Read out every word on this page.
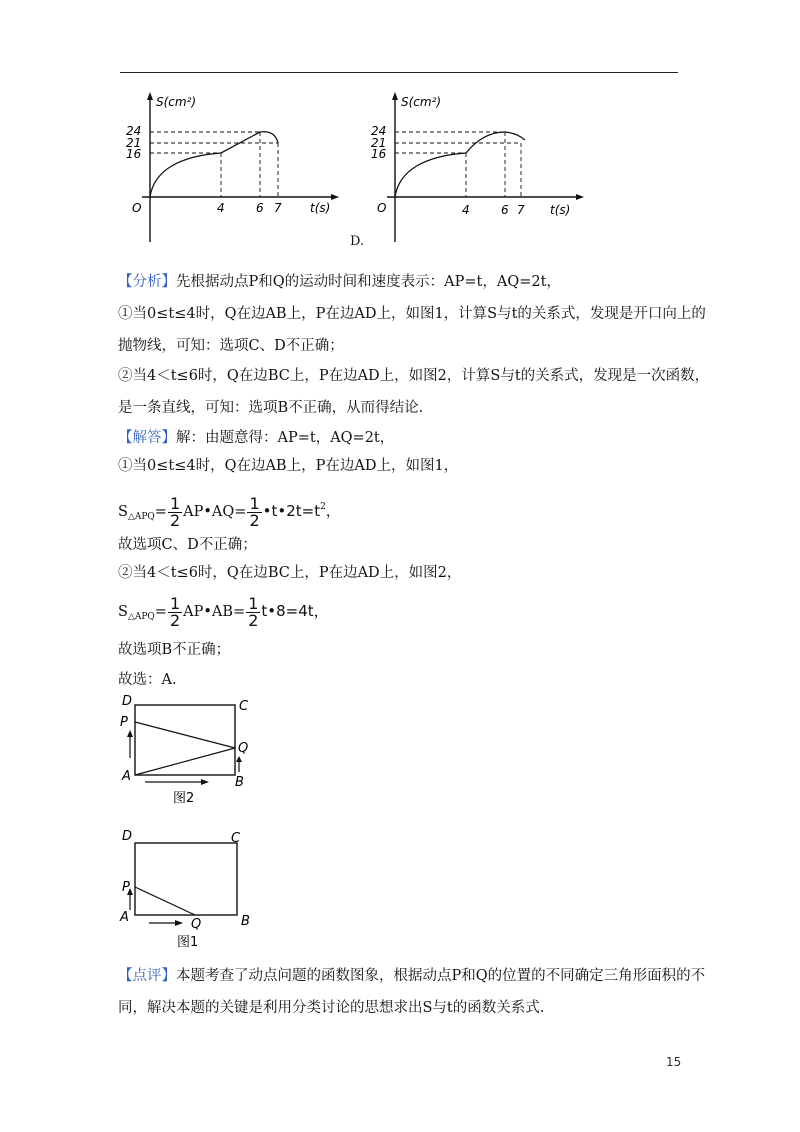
S(cm²)
t(s)
O
24
21
16
4	6 7
S(cm²)
t(s)
O
24
21
16
4	6 7
D.
【分析】先根据动点P和Q的运动时间和速度表示：AP=t，AQ=2t，
①当0≤t≤4时，Q在边AB上，P在边AD上，如图1，计算S与t的关系式，发现是开口向上的
抛物线，可知：选项C、D不正确；
②当4＜t≤6时，Q在边BC上，P在边AD上，如图2，计算S与t的关系式，发现是一次函数，
是一条直线，可知：选项B不正确，从而得结论.
【解答】解：由题意得：AP=t，AQ=2t，
①当0≤t≤4时，Q在边AB上，P在边AD上，如图1，
$S_{\triangle APQ}= \frac{1}{2}$ AP•AQ= $\frac{1}{2}$ $•t•2t=t^2$，
故选项C、D不正确；
②当4＜t≤6时，Q在边BC上，P在边AD上，如图2，
$S_{\triangle APQ}= \frac{1}{2}$ AP•AB= $\frac{1}{2}$ t•8=4t，
故选项B不正确；
故选：A.
D	C
P
Q
A	B
图2
D	C
P
Q
A	B
图1
【点评】本题考查了动点问题的函数图象，根据动点P和Q的位置的不同确定三角形面积的不
同，解决本题的关键是利用分类讨论的思想求出S与t的函数关系式.
15
